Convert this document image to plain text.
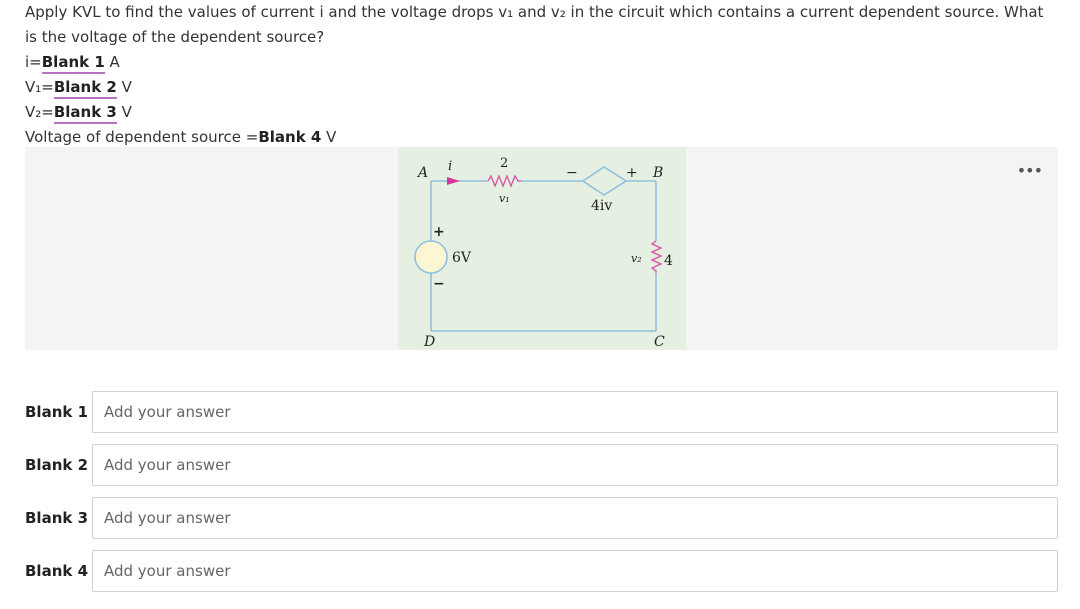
Apply KVL to find the values of current i and the voltage drops v₁ and v₂ in the circuit which contains a current dependent source. What is the voltage of the dependent source?
i=Blank 1 A
V₁=Blank 2 V
V₂=Blank 3 V
Voltage of dependent source =Blank 4 V
A i	2
v₁
−	+ B
4iv
+
6V
−
v₂ 4
D	C
•••
Blank 1
Add your answer
Blank 2
Add your answer
Blank 3
Add your answer
Blank 4
Add your answer
